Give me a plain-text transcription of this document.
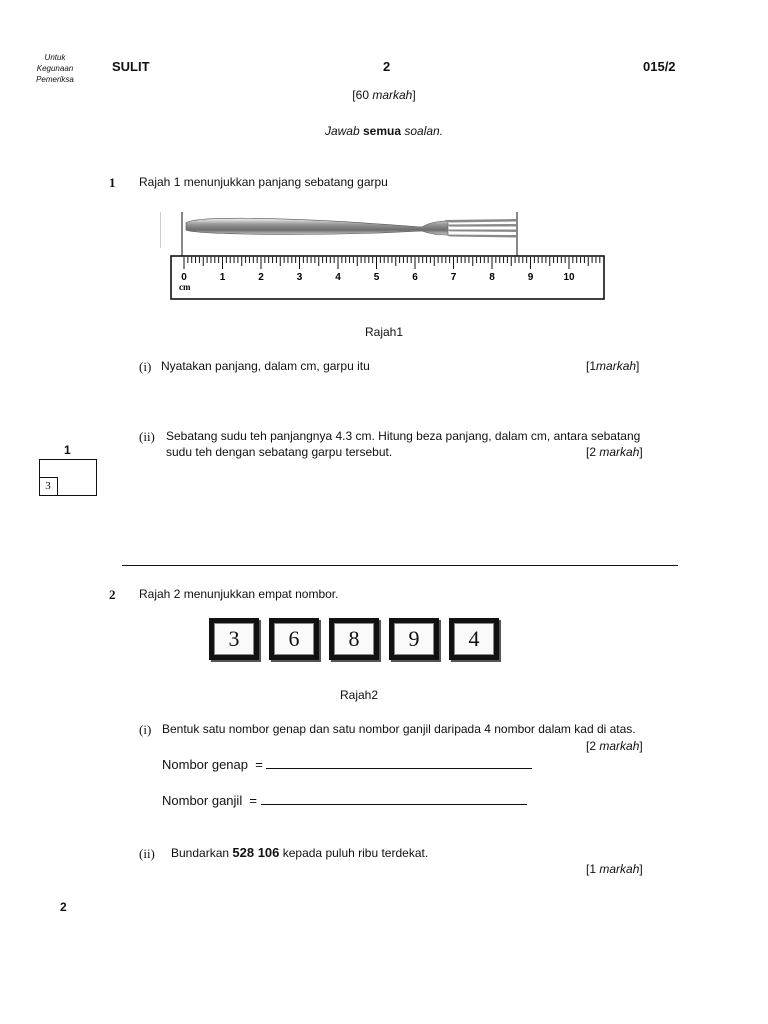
Untuk
Kegunaan
Pemeriksa
SULIT	2	015/2
[60 markah]
Jawab semua soalan.
1 Rajah 1 menunjukkan panjang sebatang garpu
0	1	2	3	4	5	6	7	8	9	10
cm
Rajah1
(i) Nyatakan panjang, dalam cm, garpu itu	[1markah]
(ii) Sebatang sudu teh panjangnya 4.3 cm. Hitung beza panjang, dalam cm, antara sebatang
sudu teh dengan sebatang garpu tersebut.	[2 markah]
1
3
2 Rajah 2 menunjukkan empat nombor.
3	6	8	9	4
Rajah2
(i) Bentuk satu nombor genap dan satu nombor ganjil daripada 4 nombor dalam kad di atas.
[2 markah]
Nombor genap  =
Nombor ganjil  =
(ii) Bundarkan 528 106 kepada puluh ribu terdekat.
[1 markah]
2
